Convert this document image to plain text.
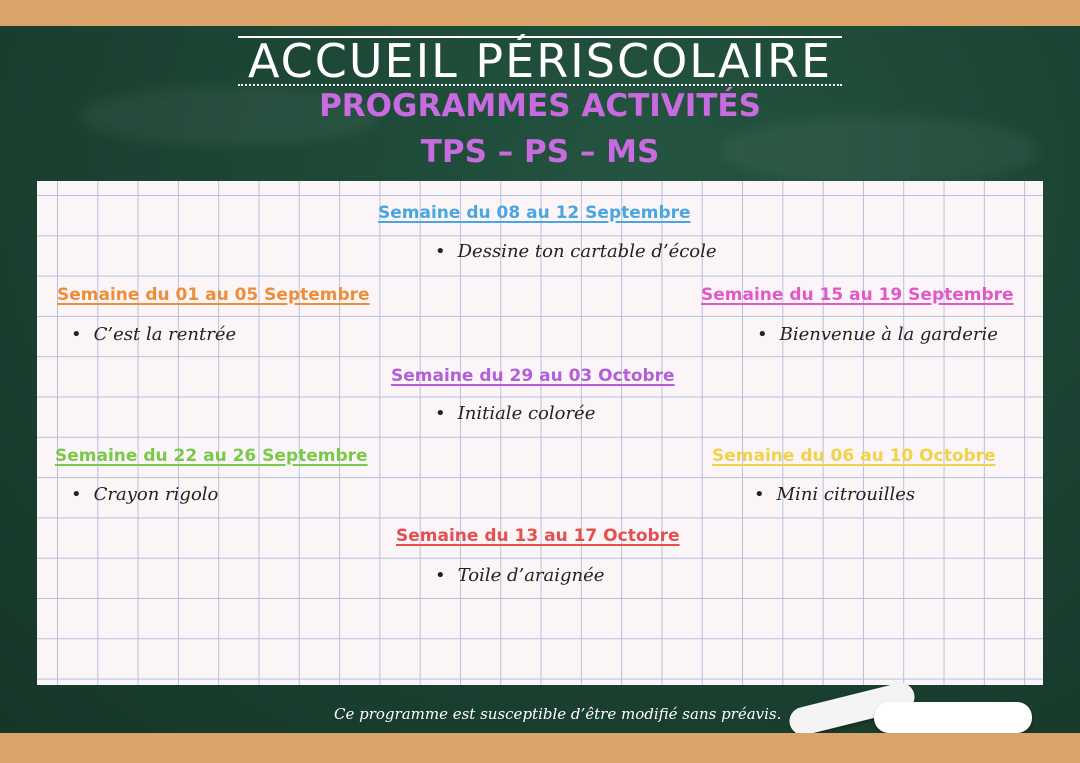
ACCUEIL PÉRISCOLAIRE
PROGRAMMES ACTIVITÉS
TPS – PS – MS
Semaine du 08 au 12 Septembre
• Dessine ton cartable d’école
Semaine du 01 au 05 Septembre
• C’est la rentrée
Semaine du 15 au 19 Septembre
• Bienvenue à la garderie
Semaine du 29 au 03 Octobre
• Initiale colorée
Semaine du 22 au 26 Septembre
• Crayon rigolo
Semaine du 06 au 10 Octobre
• Mini citrouilles
Semaine du 13 au 17 Octobre
• Toile d’araignée
Ce programme est susceptible d’être modifié sans préavis.
